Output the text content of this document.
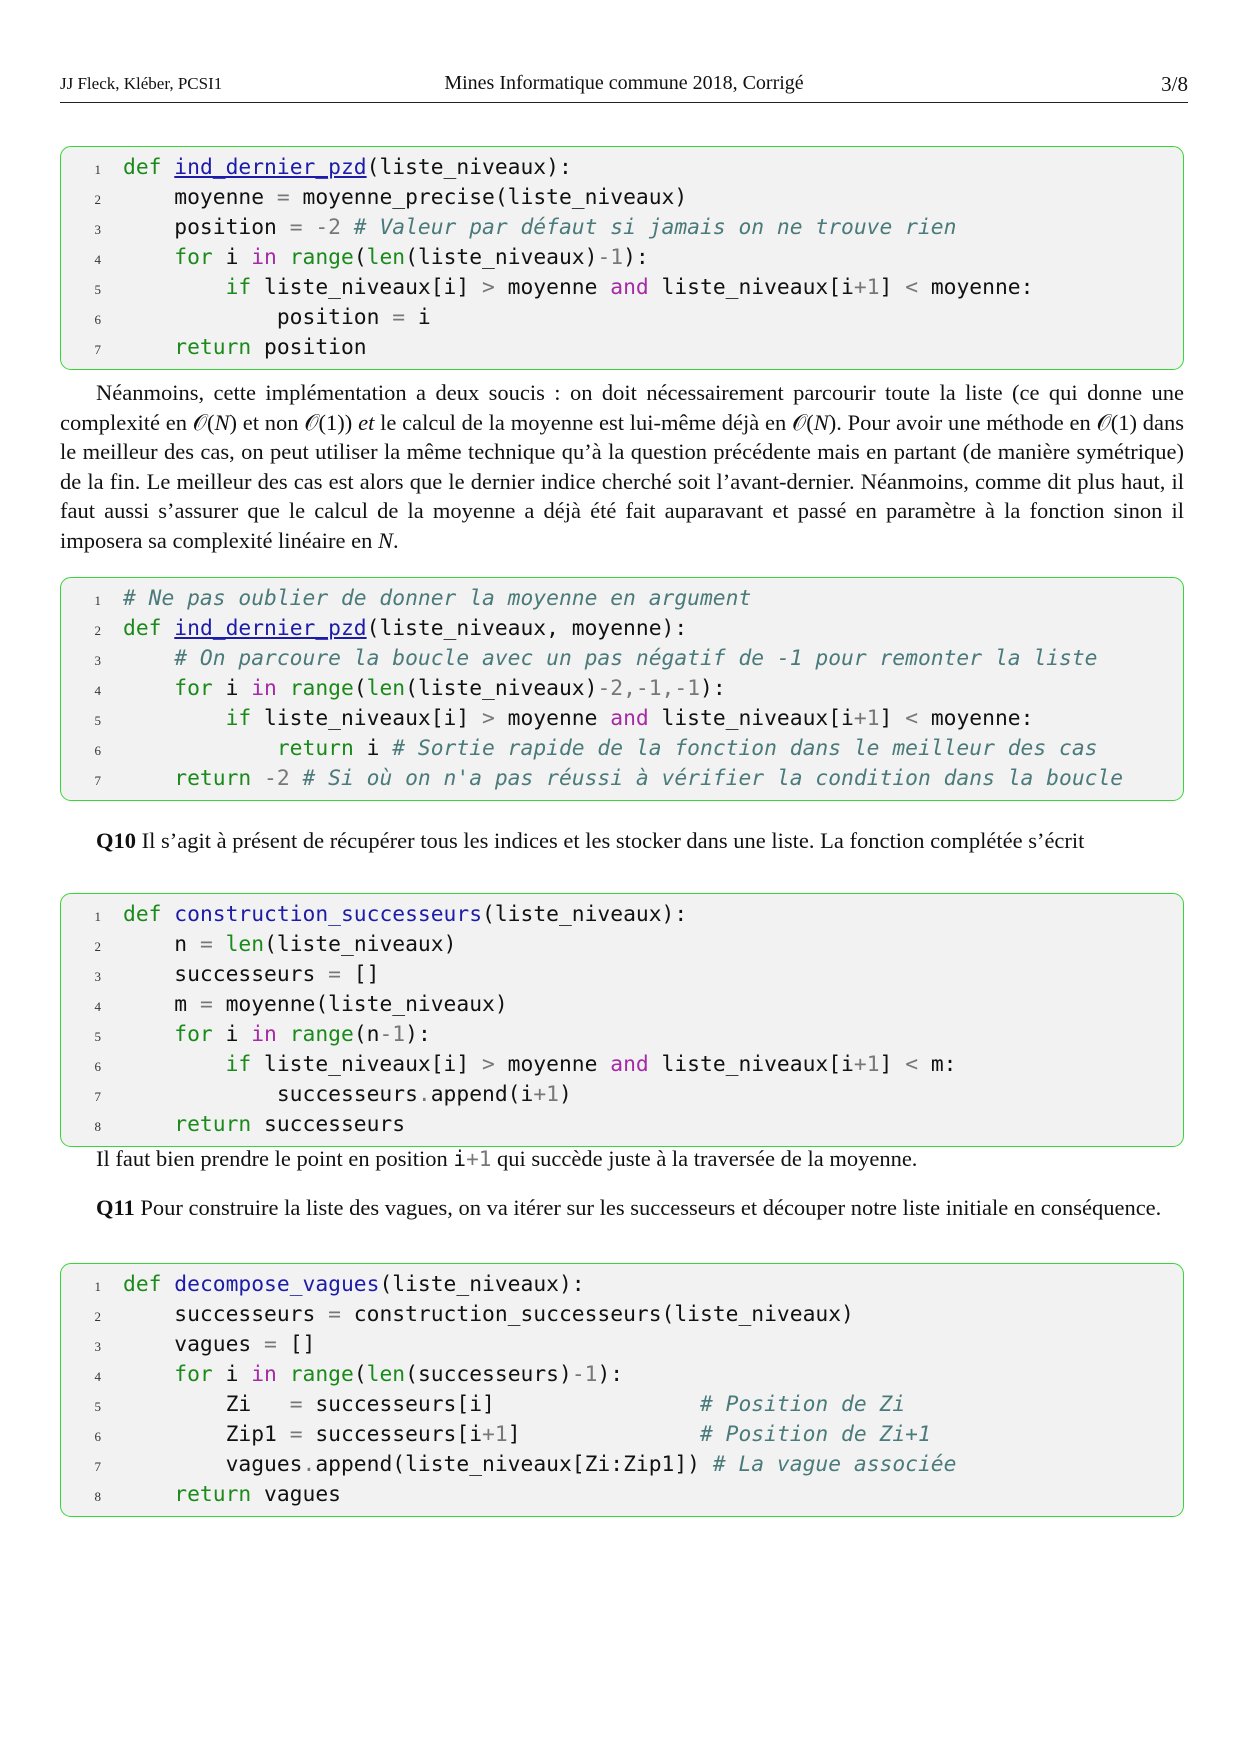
JJ Fleck, Kléber, PCSI1	Mines Informatique commune 2018, Corrigé	3/8
1 def ind_dernier_pzd(liste_niveaux):
2 moyenne = moyenne_precise(liste_niveaux)
3 position = -2 # Valeur par défaut si jamais on ne trouve rien
4 for i in range(len(liste_niveaux)-1):
5 if liste_niveaux[i] > moyenne and liste_niveaux[i+1] < moyenne:
6 position = i
7 return position
Néanmoins, cette implémentation a deux soucis : on doit nécessairement parcourir toute la liste (ce qui donne une complexité en 𝒪(N) et non 𝒪(1)) et le calcul de la moyenne est lui-même déjà en 𝒪(N). Pour avoir une méthode en 𝒪(1) dans le meilleur des cas, on peut utiliser la même technique qu’à la question précédente mais en partant (de manière symétrique) de la fin. Le meilleur des cas est alors que le dernier indice cherché soit l’avant-dernier. Néanmoins, comme dit plus haut, il faut aussi s’assurer que le calcul de la moyenne a déjà été fait auparavant et passé en paramètre à la fonction sinon il imposera sa complexité linéaire en N.
1 # Ne pas oublier de donner la moyenne en argument
2 def ind_dernier_pzd(liste_niveaux, moyenne):
3 # On parcoure la boucle avec un pas négatif de -1 pour remonter la liste
4 for i in range(len(liste_niveaux)-2,-1,-1):
5 if liste_niveaux[i] > moyenne and liste_niveaux[i+1] < moyenne:
6 return i # Sortie rapide de la fonction dans le meilleur des cas
7 return -2 # Si où on n'a pas réussi à vérifier la condition dans la boucle
Q10 Il s’agit à présent de récupérer tous les indices et les stocker dans une liste. La fonction complétée s’écrit
1 def construction_successeurs(liste_niveaux):
2 n = len(liste_niveaux)
3 successeurs = []
4 m = moyenne(liste_niveaux)
5 for i in range(n-1):
6 if liste_niveaux[i] > moyenne and liste_niveaux[i+1] < m:
7 successeurs.append(i+1)
8 return successeurs
Il faut bien prendre le point en position i+1 qui succède juste à la traversée de la moyenne.
Q11 Pour construire la liste des vagues, on va itérer sur les successeurs et découper notre liste initiale en conséquence.
1 def decompose_vagues(liste_niveaux):
2 successeurs = construction_successeurs(liste_niveaux)
3 vagues = []
4 for i in range(len(successeurs)-1):
5 Zi   = successeurs[i]                # Position de Zi
6 Zip1 = successeurs[i+1]              # Position de Zi+1
7 vagues.append(liste_niveaux[Zi:Zip1]) # La vague associée
8 return vagues
